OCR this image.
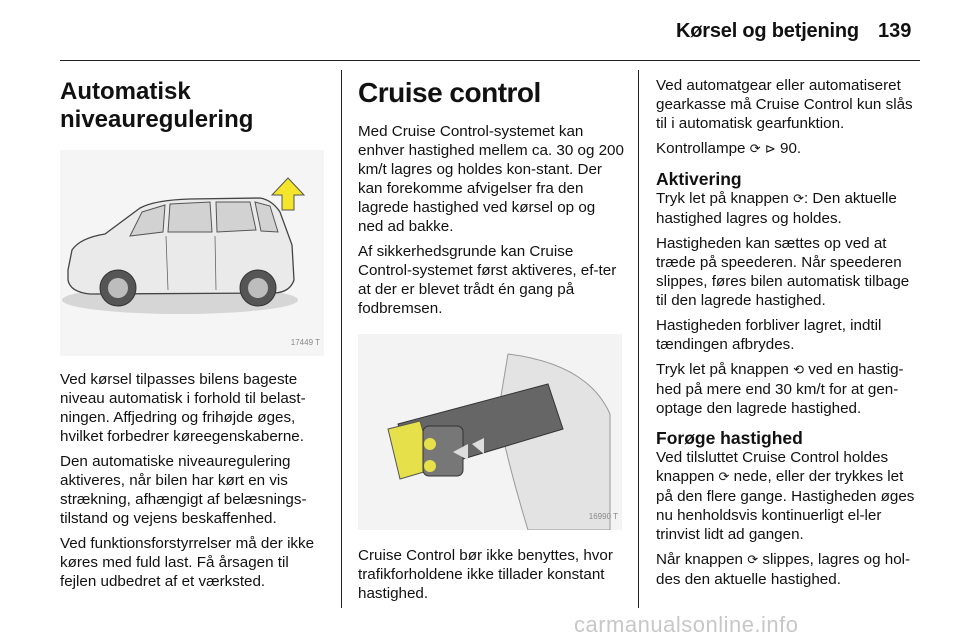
Kørsel og betjening 139
Automatisk niveauregulering
17449 T

Ved kørsel tilpasses bilens bageste niveau automatisk i forhold til belast-ningen. Affjedring og frihøjde øges, hvilket forbedrer køreegenskaberne.

Den automatiske niveauregulering aktiveres, når bilen har kørt en vis strækning, afhængigt af belæsnings-tilstand og vejens beskaffenhed.

Ved funktionsforstyrrelser må der ikke køres med fuld last. Få årsagen til fejlen udbedret af et værksted.

Cruise control

Med Cruise Control-systemet kan enhver hastighed mellem ca. 30 og 200 km/t lagres og holdes kon-stant. Der kan forekomme afvigelser fra den lagrede hastighed ved kørsel op og ned ad bakke.

Af sikkerhedsgrunde kan Cruise Control-systemet først aktiveres, ef-ter at der er blevet trådt én gang på fodbremsen.

16990 T

Cruise Control bør ikke benyttes, hvor trafikforholdene ikke tillader konstant hastighed.

Ved automatgear eller automatiseret gearkasse må Cruise Control kun slås til i automatisk gearfunktion.

Kontrollampe ⟳ ⊳ 90.

Aktivering

Tryk let på knappen ⟳: Den aktuelle hastighed lagres og holdes.

Hastigheden kan sættes op ved at træde på speederen. Når speederen slippes, føres bilen automatisk tilbage til den lagrede hastighed.

Hastigheden forbliver lagret, indtil tændingen afbrydes.

Tryk let på knappen ⟲ ved en hastig-hed på mere end 30 km/t for at gen-optage den lagrede hastighed.

Forøge hastighed

Ved tilsluttet Cruise Control holdes knappen ⟳ nede, eller der trykkes let på den flere gange. Hastigheden øges nu henholdsvis kontinuerligt el-ler trinvist lidt ad gangen.

Når knappen ⟳ slippes, lagres og hol-des den aktuelle hastighed.

carmanualsonline.info
